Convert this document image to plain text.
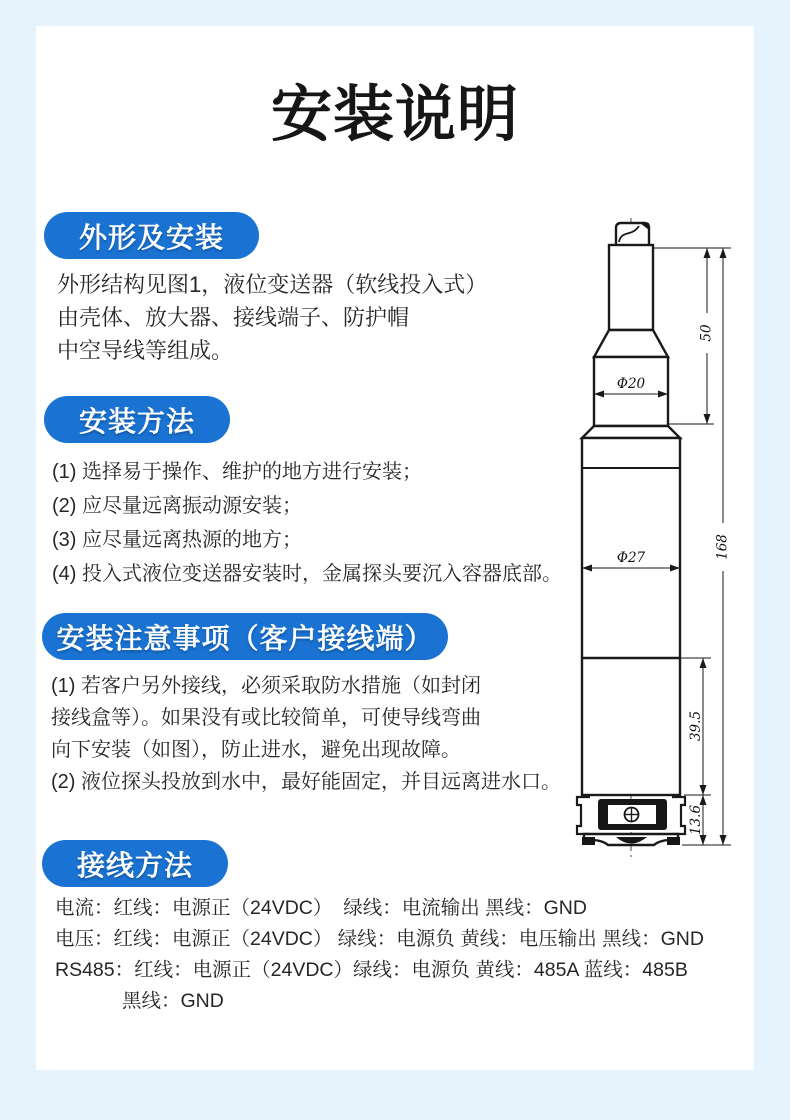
安装说明
外形及安装
外形结构见图1，液位变送器（软线投入式）
由壳体、放大器、接线端子、防护帽
中空导线等组成。
安装方法
(1) 选择易于操作、维护的地方进行安装；
(2) 应尽量远离振动源安装；
(3) 应尽量远离热源的地方；
(4) 投入式液位变送器安装时，金属探头要沉入容器底部。
安装注意事项（客户接线端）
(1) 若客户另外接线，必须采取防水措施（如封闭
接线盒等）。如果没有或比较简单，可使导线弯曲
向下安装（如图），防止进水，避免出现故障。
(2) 液位探头投放到水中，最好能固定，并目远离进水口。
接线方法
电流：红线：电源正（24VDC）  绿线：电流输出 黑线：GND
电压：红线：电源正（24VDC） 绿线：电源负 黄线：电压输出 黑线：GND
RS485：红线：电源正（24VDC）绿线：电源负 黄线：485A 蓝线：485B
黑线：GND
50
168
39.5
13.6
Φ20
Φ27
